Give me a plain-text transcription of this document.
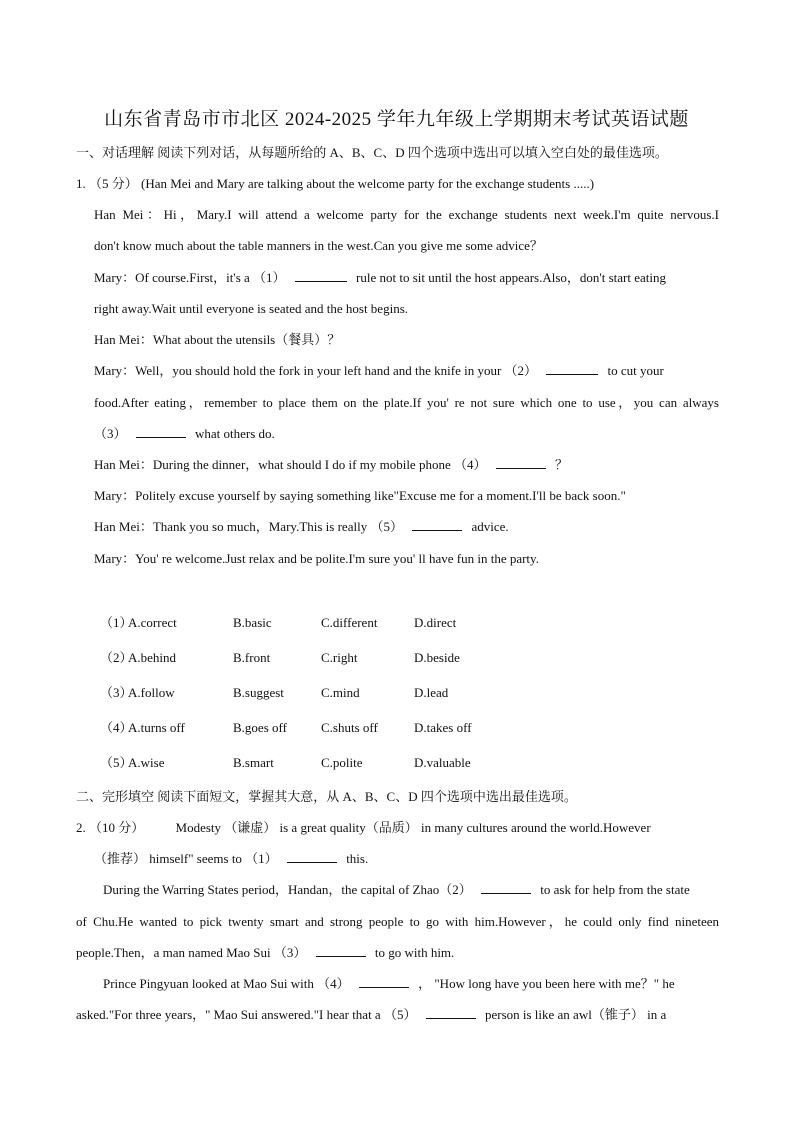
山东省青岛市市北区 2024-2025 学年九年级上学期期末考试英语试题
一、对话理解 阅读下列对话，从每题所给的 A、B、C、D 四个选项中选出可以填入空白处的最佳选项。
1. （5 分） (Han Mei and Mary are talking about the welcome party for the exchange students .....)
Han Mei：Hi，Mary.I will attend a welcome party for the exchange students next week.I'm quite nervous.I
don't know much about the table manners in the west.Can you give me some advice？
Mary：Of course.First，it's a （1）	rule not to sit until the host appears.Also，don't start eating
right away.Wait until everyone is seated and the host begins.
Han Mei：What about the utensils（餐具）？
Mary：Well，you should hold the fork in your left hand and the knife in your （2）	to cut your
food.After eating，remember to place them on the plate.If you' re not sure which one to use，you can always
（3）	what others do.
Han Mei：During the dinner，what should I do if my mobile phone （4）	？
Mary：Politely excuse yourself by saying something like"Excuse me for a moment.I'll be back soon."
Han Mei：Thank you so much，Mary.This is really （5）	advice.
Mary：You' re welcome.Just relax and be polite.I'm sure you' ll have fun in the party.
（1）
A.correct	B.basic	C.different	D.direct
（2）
A.behind	B.front	C.right	D.beside
（3）
A.follow	B.suggest	C.mind	D.lead
（4）
A.turns off	B.goes off	C.shuts off	D.takes off
（5）
A.wise	B.smart	C.polite	D.valuable
二、完形填空 阅读下面短文，掌握其大意，从 A、B、C、D 四个选项中选出最佳选项。
2. （10 分） Modesty （谦虚） is a great quality（品质） in many cultures around the world.However
（推荐） himself" seems to （1）	this.
During the Warring States period，Handan，the capital of Zhao（2）	to ask for help from the state
of Chu.He wanted to pick twenty smart and strong people to go with him.However，he could only find nineteen
people.Then，a man named Mao Sui （3）	to go with him.
Prince Pingyuan looked at Mao Sui with （4）	， "How long have you been here with me？" he
asked."For three years，" Mao Sui answered."I hear that a （5）	person is like an awl（锥子） in a
